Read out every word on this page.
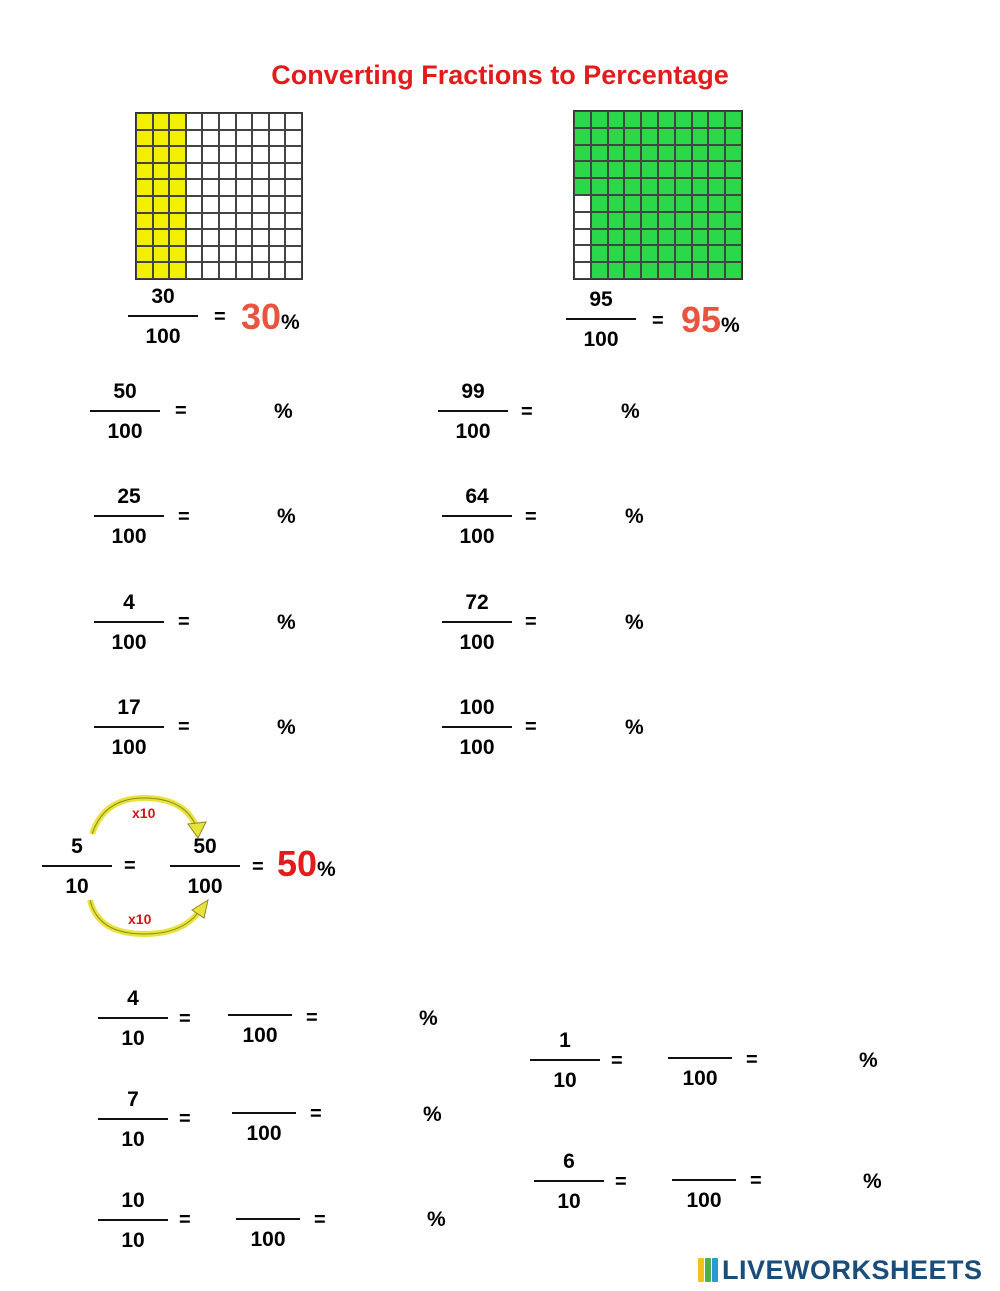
Converting Fractions to Percentage
30
100
= 30%
95
100
= 95%
50
100
=	%
25
100
=	%
4
100
=	%
17
100
=	%
99
100
=	%
64
100
=	%
72
100
=	%
100
100
=	%
x10
5
10
=
50
100
= 50%
x10
4
10
=
100
=	%
7
10
=
100
=	%
10
10
=
100
=	%
1
10
=
100
=	%
6
10
=
100
=	%
LIVEWORKSHEETS
